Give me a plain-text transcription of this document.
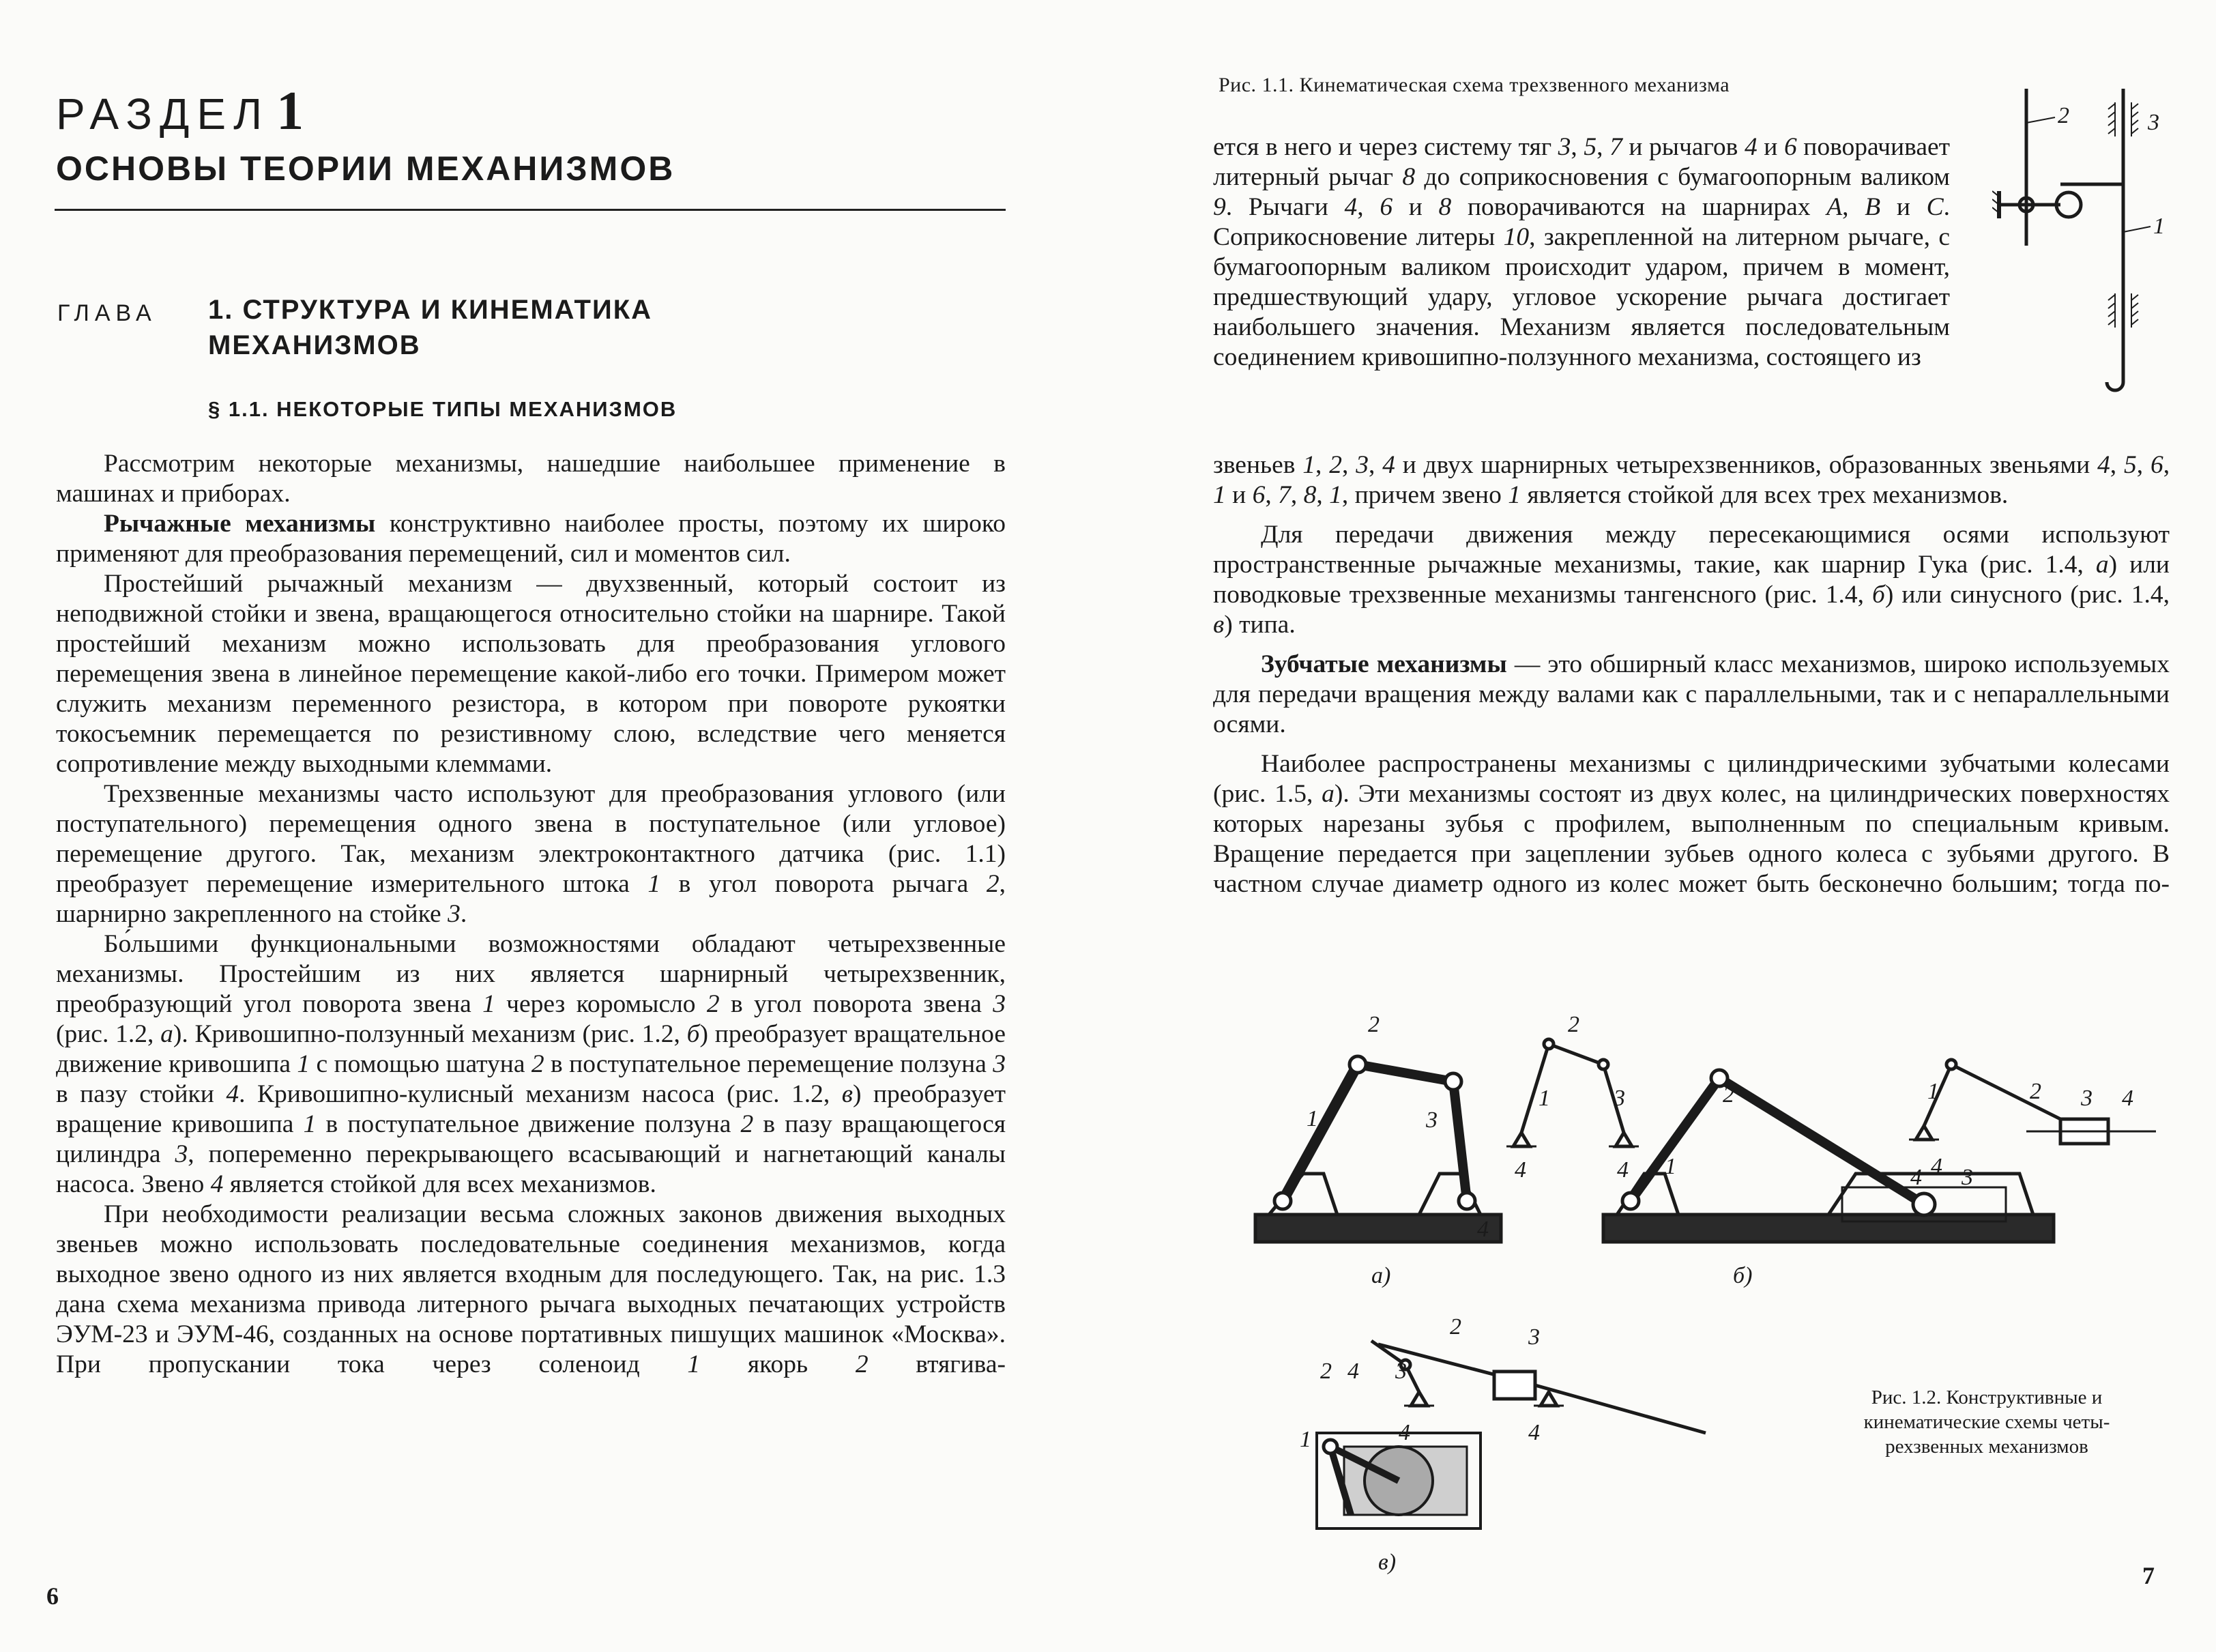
РАЗДЕЛ 1
ОСНОВЫ ТЕОРИИ МЕХАНИЗМОВ
ГЛАВА 1. СТРУКТУРА И КИНЕМАТИКА
МЕХАНИЗМОВ
§ 1.1. НЕКОТОРЫЕ ТИПЫ МЕХАНИЗМОВ

Рассмотрим некоторые механизмы, нашедшие наибольшее применение в машинах и приборах.

Рычажные механизмы конструктивно наиболее просты, поэтому их широко применяют для преобразования перемещений, сил и моментов сил.

Простейший рычажный механизм — двухзвенный, который состоит из неподвижной стойки и звена, вращающегося относительно стойки на шарнире. Такой простейший механизм можно использовать для преобразования углового перемещения звена в линейное перемещение какой-либо его точки. Примером может служить механизм переменного резистора, в котором при повороте рукоятки токосъемник перемещается по резистивному слою, вследствие чего меняется сопротивление между выходными клеммами.

Трехзвенные механизмы часто используют для преобразования углового (или поступательного) перемещения одного звена в поступательное (или угловое) перемещение другого. Так, механизм электроконтактного датчика (рис. 1.1) преобразует перемещение измерительного штока 1 в угол поворота рычага 2, шарнирно закрепленного на стойке 3.

Бо́льшими функциональными возможностями обладают четырехзвенные механизмы. Простейшим из них является шарнирный четырехзвенник, преобразующий угол поворота звена 1 через коромысло 2 в угол поворота звена 3 (рис. 1.2, а). Кривошипно-ползунный механизм (рис. 1.2, б) преобразует вращательное движение кривошипа 1 с помощью шатуна 2 в поступательное перемещение ползуна 3 в пазу стойки 4. Кривошипно-кулисный механизм насоса (рис. 1.2, в) преобразует вращение кривошипа 1 в поступательное движение ползуна 2 в пазу вращающегося цилиндра 3, попеременно перекрывающего всасывающий и нагнетающий каналы насоса. Звено 4 является стойкой для всех механизмов.

При необходимости реализации весьма сложных законов движения выходных звеньев можно использовать последовательные соединения механизмов, когда выходное звено одного из них является входным для последующего. Так, на рис. 1.3 дана схема механизма привода литерного рычага выходных печатающих устройств ЭУМ-23 и ЭУМ-46, созданных на основе портативных пишущих машинок «Москва». При пропускании тока через соленоид 1 якорь 2 втягива-

6
Рис. 1.1. Кинематическая схема трехзвенного механизма
2	3
1

ется в него и через систему тяг 3, 5, 7 и рычагов 4 и 6 поворачивает литерный рычаг 8 до соприкосновения с бумагоопорным валиком 9. Рычаги 4, 6 и 8 поворачиваются на шарнирах А, В и С. Соприкосновение литеры 10, закрепленной на литерном рычаге, с бумагоопорным валиком происходит ударом, причем в момент, предшествующий удару, угловое ускорение рычага достигает наибольшего значения. Механизм является последовательным соединением кривошипно-ползунного механизма, состоящего из

звеньев 1, 2, 3, 4 и двух шарнирных четырехзвенников, образованных звеньями 4, 5, 6, 1 и 6, 7, 8, 1, причем звено 1 является стойкой для всех трех механизмов.

Для передачи движения между пересекающимися осями используют пространственные рычажные механизмы, такие, как шарнир Гука (рис. 1.4, а) или поводковые трехзвенные механизмы тангенсного (рис. 1.4, б) или синусного (рис. 1.4, в) типа.

Зубчатые механизмы — это обширный класс механизмов, широко используемых для передачи вращения между валами как с параллельными, так и с непараллельными осями.

Наиболее распространены механизмы с цилиндрическими зубчатыми колесами (рис. 1.5, а). Эти механизмы состоят из двух колес, на цилиндрических поверхностях которых нарезаны зубья с профилем, выполненным по специальным кривым. Вращение передается при зацеплении зубьев одного колеса с зубьями другого. В частном случае диаметр одного из колес может быть бесконечно большим; тогда по-

2
1	3
4
а)
2
1	3
4	4
2
1	4 3
б)
1	2 3 4
4
2	3
4	4
2 4 3
1
в)
Рис. 1.2. Конструктивные и
кинематические схемы четы-
рехзвенных механизмов
7
